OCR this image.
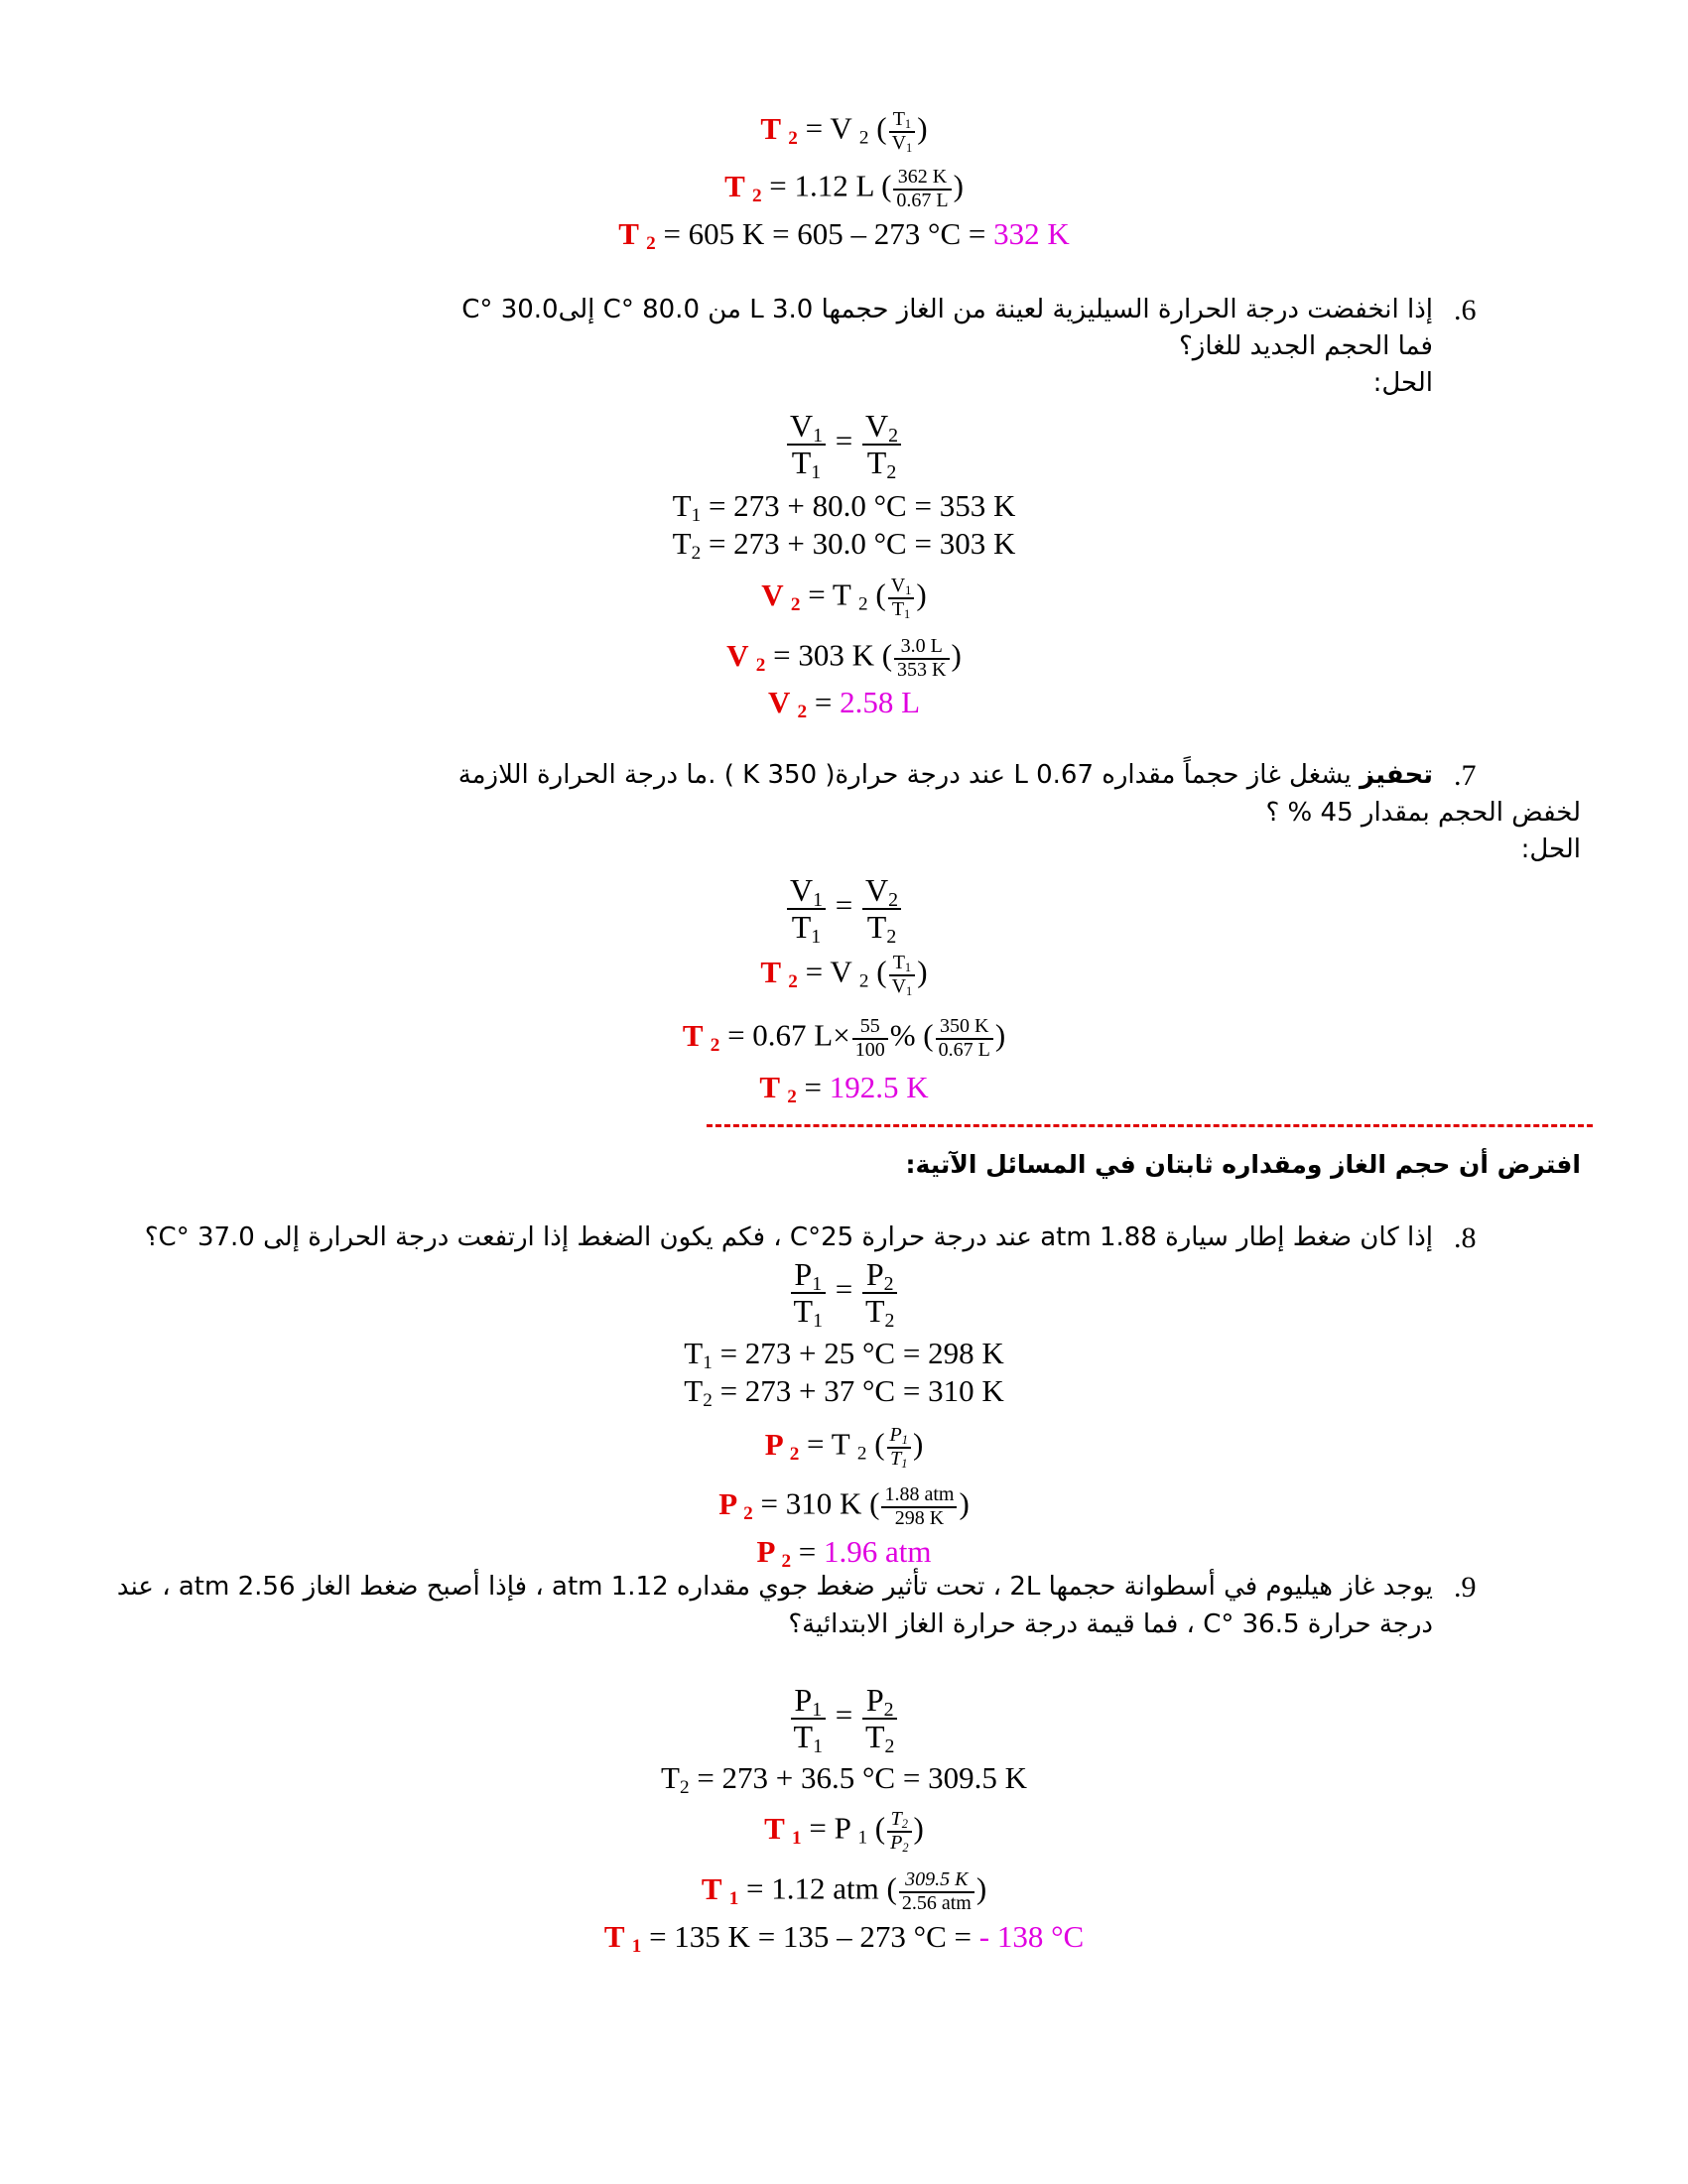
T $_2$ = V $_2$ ( $\frac{T_1}{V_1}$ )
T $_2$ = 1.12 L ( $\frac{362 K}{0.67 L}$ )
T $_2$ = 605 K = 605 – 273 °C = 332 K
.6
إذا انخفضت درجة الحرارة السيليزية لعينة من الغاز حجمها 3.0 L من 80.0 °C إلى30.0 °C
فما الحجم الجديد للغاز؟
الحل:
$\frac{V_1}{T_1} = \frac{V_2}{T_2}$
$T_1 = 273 + 80.0$ °C = 353 K
$T_2 = 273 + 30.0$ °C = 303 K
V $_2$ = T $_2$ ( $\frac{V_1}{T_1}$ )
V $_2$ = 303 K ( $\frac{3.0 L}{353 K}$ )
V $_2$ = 2.58 L
.7
تحفيز يشغل غاز حجماً مقداره 0.67 L عند درجة حرارة( 350 K ) .ما درجة الحرارة اللازمة
لخفض الحجم بمقدار 45 % ؟
الحل:
$\frac{V_1}{T_1} = \frac{V_2}{T_2}$
T $_2$ = V $_2$ ( $\frac{T_1}{V_1}$ )
T $_2$ = 0.67 $L\times \frac{55}{100}$ % ( $\frac{350 K}{0.67 L}$ )
T $_2$ = 192.5 K
افترض أن حجم الغاز ومقداره ثابتان في المسائل الآتية:
.8
إذا كان ضغط إطار سيارة 1.88 atm عند درجة حرارة 25°C ، فكم يكون الضغط إذا ارتفعت درجة الحرارة إلى 37.0 °C؟
$\frac{P_1}{T_1} = \frac{P_2}{T_2}$
$T_1 = 273 + 25$ °C = 298 K
$T_2 = 273 + 37$ °C = 310 K
P $_2$ = T $_2$ ( $\frac{P_1}{T_1}$ )
P $_2$ = 310 K ( $\frac{\text{1.88 atm}}{298 K}$ )
P $_2$ = 1.96 atm
.9
يوجد غاز هيليوم في أسطوانة حجمها 2L ، تحت تأثير ضغط جوي مقداره 1.12 atm ، فإذا أصبح ضغط الغاز 2.56 atm ، عند
درجة حرارة 36.5 °C ، فما قيمة درجة حرارة الغاز الابتدائية؟
$\frac{P_1}{T_1} = \frac{P_2}{T_2}$
$T_2 = 273 + 36.5$ °C = 309.5 K
T $_1$ = P $_1$ ( $\frac{T_2}{P_2}$ )
T $_1$ = 1.12 atm ( $\frac{309.5 K}{\text{2.56 atm}}$ )
T $_1$ = 135 K = 135 – 273 °C = - 138 °C
